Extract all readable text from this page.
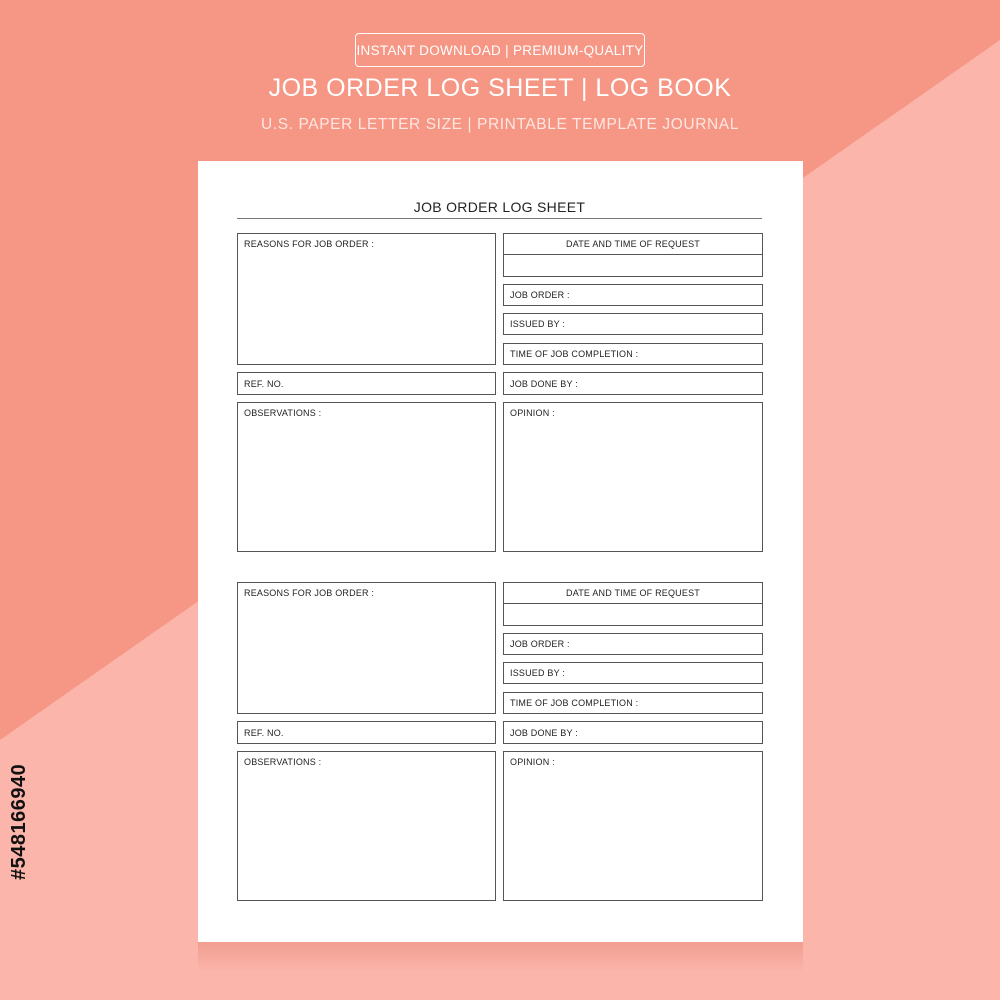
INSTANT DOWNLOAD | PREMIUM-QUALITY
JOB ORDER LOG SHEET | LOG BOOK
U.S. PAPER LETTER SIZE | PRINTABLE TEMPLATE JOURNAL
#548166940
JOB ORDER LOG SHEET
REASONS FOR JOB ORDER :	DATE AND TIME OF REQUEST
JOB ORDER :
ISSUED BY :
TIME OF JOB COMPLETION :
REF. NO.	JOB DONE BY :
OBSERVATIONS :	OPINION :
REASONS FOR JOB ORDER :	DATE AND TIME OF REQUEST
JOB ORDER :
ISSUED BY :
TIME OF JOB COMPLETION :
REF. NO.	JOB DONE BY :
OBSERVATIONS :	OPINION :
